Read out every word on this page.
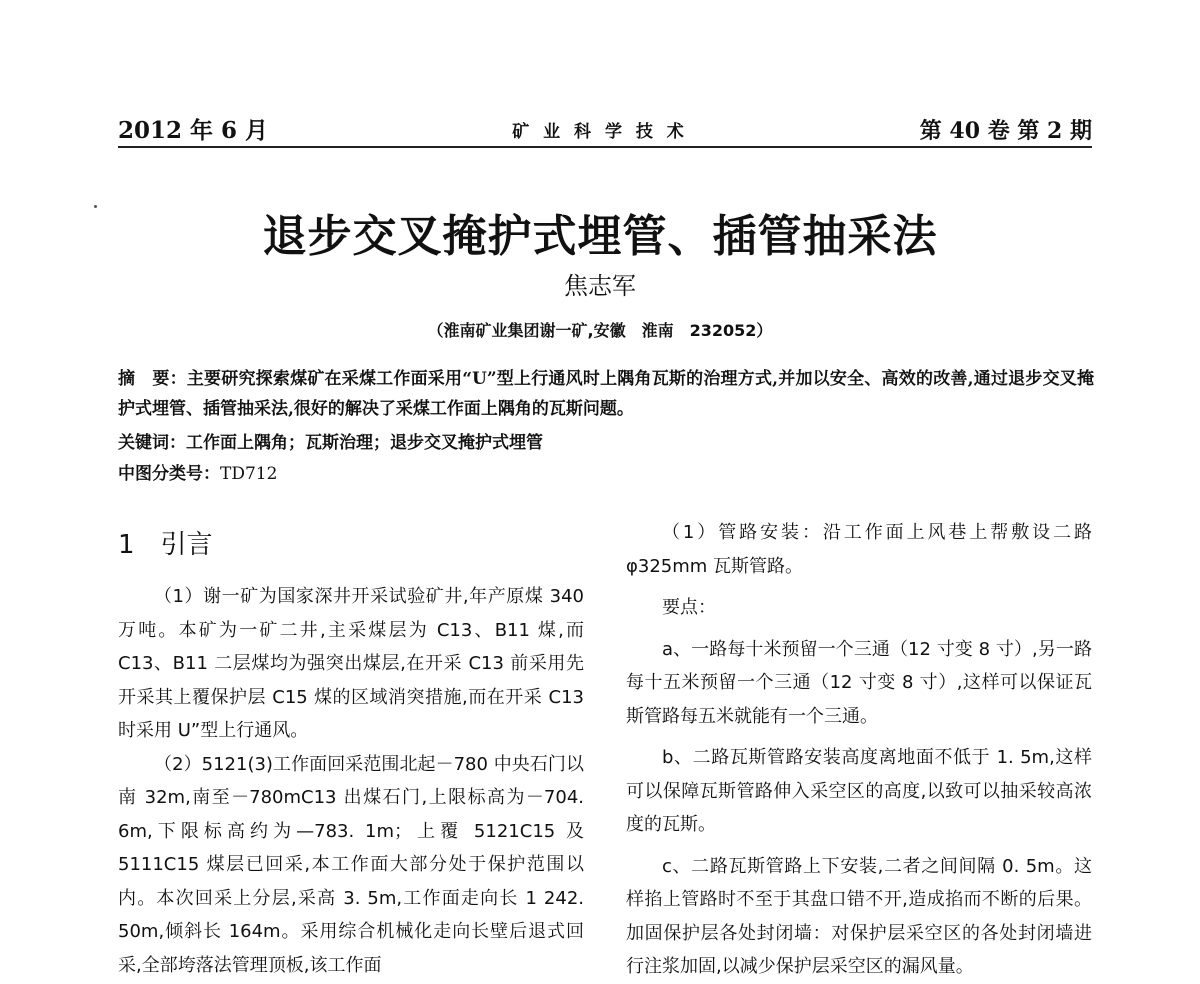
2012 年 6 月	矿 业 科 学 技 术	第 40 卷 第 2 期
退步交叉掩护式埋管、插管抽采法
焦志军
（淮南矿业集团谢一矿,安徽　淮南　232052）
摘　要：主要研究探索煤矿在采煤工作面采用“U”型上行通风时上隅角瓦斯的治理方式,并加以安全、高效的改善,通过退步交叉掩护式埋管、插管抽采法,很好的解决了采煤工作面上隅角的瓦斯问题。
关键词：工作面上隅角；瓦斯治理；退步交叉掩护式埋管
中图分类号：TD712
1 引言

（1）谢一矿为国家深井开采试验矿井,年产原煤 340 万吨。本矿为一矿二井,主采煤层为 C13、B11 煤,而 C13、B11 二层煤均为强突出煤层,在开采 C13 前采用先开采其上覆保护层 C15 煤的区域消突措施,而在开采 C13 时采用 U”型上行通风。

（2）5121(3)工作面回采范围北起－780 中央石门以南 32m,南至－780mC13 出煤石门,上限标高为－704. 6m,下限标高约为—783. 1m；上覆 5121C15 及 5111C15 煤层已回采,本工作面大部分处于保护范围以内。本次回采上分层,采高 3. 5m,工作面走向长 1 242. 50m,倾斜长 164m。采用综合机械化走向长壁后退式回采,全部垮落法管理顶板,该工作面

（1）管路安装：沿工作面上风巷上帮敷设二路 φ325mm 瓦斯管路。

要点：

a、一路每十米预留一个三通（12 寸变 8 寸）,另一路每十五米预留一个三通（12 寸变 8 寸）,这样可以保证瓦斯管路每五米就能有一个三通。

b、二路瓦斯管路安装高度离地面不低于 1. 5m,这样可以保障瓦斯管路伸入采空区的高度,以致可以抽采较高浓度的瓦斯。

c、二路瓦斯管路上下安装,二者之间间隔 0. 5m。这样掐上管路时不至于其盘口错不开,造成掐而不断的后果。加固保护层各处封闭墙：对保护层采空区的各处封闭墙进行注浆加固,以减少保护层采空区的漏风量。
